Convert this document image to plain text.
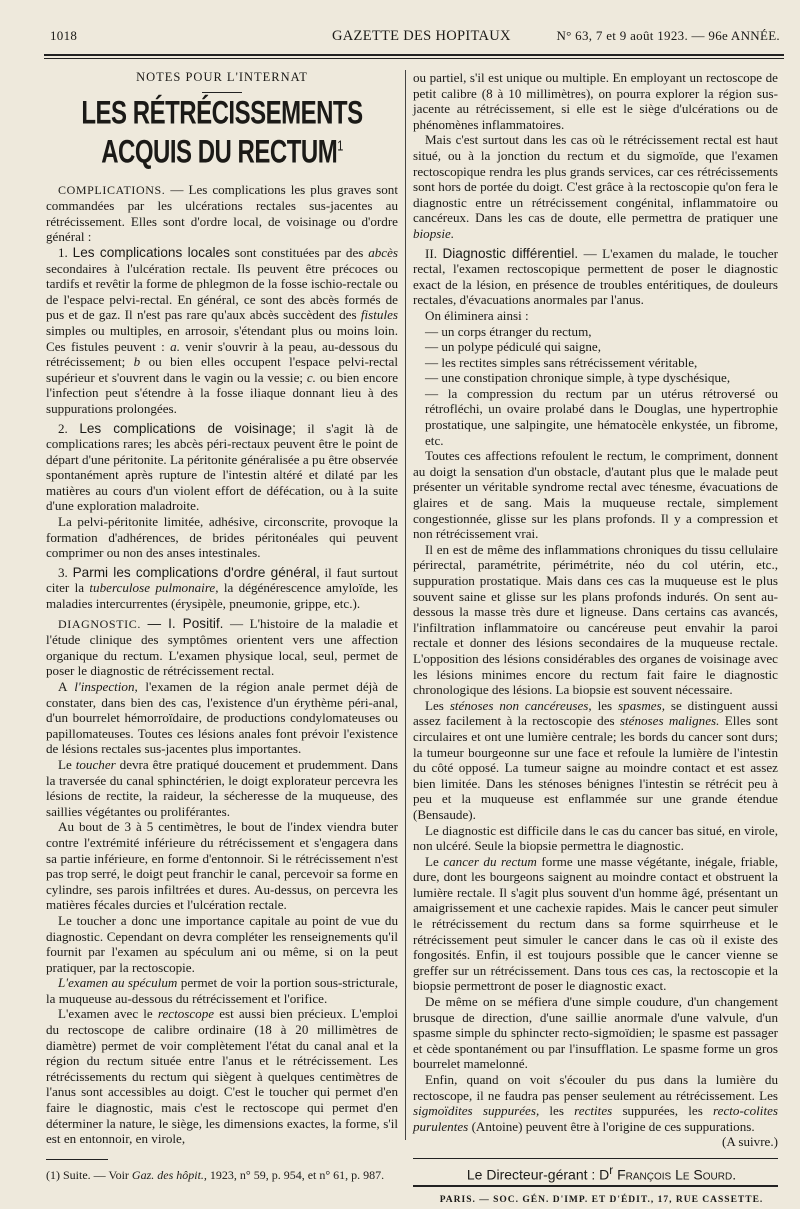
1018	GAZETTE DES HOPITAUX	N° 63, 7 et 9 août 1923. — 96e ANNÉE.
NOTES POUR L'INTERNAT
LES RÉTRÉCISSEMENTS ACQUIS DU RECTUM$^1$

COMPLICATIONS. — Les complications les plus graves sont commandées par les ulcérations rectales sus-jacentes au rétrécissement. Elles sont d'ordre local, de voisinage ou d'ordre général :

1. Les complications locales sont constituées par des abcès secondaires à l'ulcération rectale. Ils peuvent être précoces ou tardifs et revêtir la forme de phlegmon de la fosse ischio-rectale ou de l'espace pelvi-rectal. En général, ce sont des abcès formés de pus et de gaz. Il n'est pas rare qu'aux abcès succèdent des fistules simples ou multiples, en arrosoir, s'étendant plus ou moins loin. Ces fistules peuvent : a. venir s'ouvrir à la peau, au-dessous du rétrécissement; b ou bien elles occupent l'espace pelvi-rectal supérieur et s'ouvrent dans le vagin ou la vessie; c. ou bien encore l'infection peut s'étendre à la fosse iliaque donnant lieu à des suppurations prolongées.

2. Les complications de voisinage; il s'agit là de complications rares; les abcès péri-rectaux peuvent être le point de départ d'une péritonite. La péritonite généralisée a pu être observée spontanément après rupture de l'intestin altéré et dilaté par les matières au cours d'un violent effort de défécation, ou à la suite d'une exploration maladroite.

La pelvi-péritonite limitée, adhésive, circonscrite, provoque la formation d'adhérences, de brides péritonéales qui peuvent comprimer ou non des anses intestinales.

3. Parmi les complications d'ordre général, il faut surtout citer la tuberculose pulmonaire, la dégénérescence amyloïde, les maladies intercurrentes (érysipèle, pneumonie, grippe, etc.).

DIAGNOSTIC. — I. Positif. — L'histoire de la maladie et l'étude clinique des symptômes orientent vers une affection organique du rectum. L'examen physique local, seul, permet de poser le diagnostic de rétrécissement rectal.

A l'inspection, l'examen de la région anale permet déjà de constater, dans bien des cas, l'existence d'un érythème péri-anal, d'un bourrelet hémorroïdaire, de productions condylomateuses ou papillomateuses. Toutes ces lésions anales font prévoir l'existence de lésions rectales sus-jacentes plus importantes.

Le toucher devra être pratiqué doucement et prudemment. Dans la traversée du canal sphinctérien, le doigt explorateur percevra les lésions de rectite, la raideur, la sécheresse de la muqueuse, des saillies végétantes ou proliférantes.

Au bout de 3 à 5 centimètres, le bout de l'index viendra buter contre l'extrémité inférieure du rétrécissement et s'engagera dans sa partie inférieure, en forme d'entonnoir. Si le rétrécissement n'est pas trop serré, le doigt peut franchir le canal, percevoir sa forme en cylindre, ses parois infiltrées et dures. Au-dessus, on percevra les matières fécales durcies et l'ulcération rectale.

Le toucher a donc une importance capitale au point de vue du diagnostic. Cependant on devra compléter les renseignements qu'il fournit par l'examen au spéculum ani ou même, si on la peut pratiquer, par la rectoscopie.

L'examen au spéculum permet de voir la portion sous-stricturale, la muqueuse au-dessous du rétrécissement et l'orifice.

L'examen avec le rectoscope est aussi bien précieux. L'emploi du rectoscope de calibre ordinaire (18 à 20 millimètres de diamètre) permet de voir complètement l'état du canal anal et la région du rectum située entre l'anus et le rétrécissement. Les rétrécissements du rectum qui siègent à quelques centimètres de l'anus sont accessibles au doigt. C'est le toucher qui permet d'en faire le diagnostic, mais c'est le rectoscope qui permet d'en déterminer la nature, le siège, les dimensions exactes, la forme, s'il est en entonnoir, en virole,

(1) Suite. — Voir Gaz. des hôpit., 1923, n° 59, p. 954, et n° 61, p. 987.

ou partiel, s'il est unique ou multiple. En employant un rectoscope de petit calibre (8 à 10 millimètres), on pourra explorer la région sus-jacente au rétrécissement, si elle est le siège d'ulcérations ou de phénomènes inflammatoires.

Mais c'est surtout dans les cas où le rétrécissement rectal est haut situé, ou à la jonction du rectum et du sigmoïde, que l'examen rectoscopique rendra les plus grands services, car ces rétrécissements sont hors de portée du doigt. C'est grâce à la rectoscopie qu'on fera le diagnostic entre un rétrécissement congénital, inflammatoire ou cancéreux. Dans les cas de doute, elle permettra de pratiquer une biopsie.

II. Diagnostic différentiel. — L'examen du malade, le toucher rectal, l'examen rectoscopique permettent de poser le diagnostic exact de la lésion, en présence de troubles entéritiques, de douleurs rectales, d'évacuations anormales par l'anus.

On éliminera ainsi :

— un corps étranger du rectum,

— un polype pédiculé qui saigne,

— les rectites simples sans rétrécissement véritable,

— une constipation chronique simple, à type dyschésique,

— la compression du rectum par un utérus rétroversé ou rétrofléchi, un ovaire prolabé dans le Douglas, une hypertrophie prostatique, une salpingite, une hématocèle enkystée, un fibrome, etc.

Toutes ces affections refoulent le rectum, le compriment, donnent au doigt la sensation d'un obstacle, d'autant plus que le malade peut présenter un véritable syndrome rectal avec ténesme, évacuations de glaires et de sang. Mais la muqueuse rectale, simplement congestionnée, glisse sur les plans profonds. Il y a compression et non rétrécissement vrai.

Il en est de même des inflammations chroniques du tissu cellulaire périrectal, paramétrite, périmétrite, néo du col utérin, etc., suppuration prostatique. Mais dans ces cas la muqueuse est le plus souvent saine et glisse sur les plans profonds indurés. On sent au-dessous la masse très dure et ligneuse. Dans certains cas avancés, l'infiltration inflammatoire ou cancéreuse peut envahir la paroi rectale et donner des lésions secondaires de la muqueuse rectale. L'opposition des lésions considérables des organes de voisinage avec les lésions minimes encore du rectum fait faire le diagnostic chronologique des lésions. La biopsie est souvent nécessaire.

Les sténoses non cancéreuses, les spasmes, se distinguent aussi assez facilement à la rectoscopie des sténoses malignes. Elles sont circulaires et ont une lumière centrale; les bords du cancer sont durs; la tumeur bourgeonne sur une face et refoule la lumière de l'intestin du côté opposé. La tumeur saigne au moindre contact et est assez bien limitée. Dans les sténoses bénignes l'intestin se rétrécit peu à peu et la muqueuse est enflammée sur une grande étendue (Bensaude).

Le diagnostic est difficile dans le cas du cancer bas situé, en virole, non ulcéré. Seule la biopsie permettra le diagnostic.

Le cancer du rectum forme une masse végétante, inégale, friable, dure, dont les bourgeons saignent au moindre contact et obstruent la lumière rectale. Il s'agit plus souvent d'un homme âgé, présentant un amaigrissement et une cachexie rapides. Mais le cancer peut simuler le rétrécissement du rectum dans sa forme squirrheuse et le rétrécissement peut simuler le cancer dans le cas où il existe des fongosités. Enfin, il est toujours possible que le cancer vienne se greffer sur un rétrécissement. Dans tous ces cas, la rectoscopie et la biopsie permettront de poser le diagnostic exact.

De même on se méfiera d'une simple coudure, d'un changement brusque de direction, d'une saillie anormale d'une valvule, d'un spasme simple du sphincter recto-sigmoïdien; le spasme est passager et cède spontanément ou par l'insufflation. Le spasme forme un gros bourrelet mamelonné.

Enfin, quand on voit s'écouler du pus dans la lumière du rectoscope, il ne faudra pas penser seulement au rétrécissement. Les sigmoïdites suppurées, les rectites suppurées, les recto-colites purulentes (Antoine) peuvent être à l'origine de ces suppurations.

(A suivre.)

Le Directeur-gérant : $D^r$ François Le Sourd.

PARIS. — SOC. GÉN. D'IMP. ET D'ÉDIT., 17, RUE CASSETTE.
